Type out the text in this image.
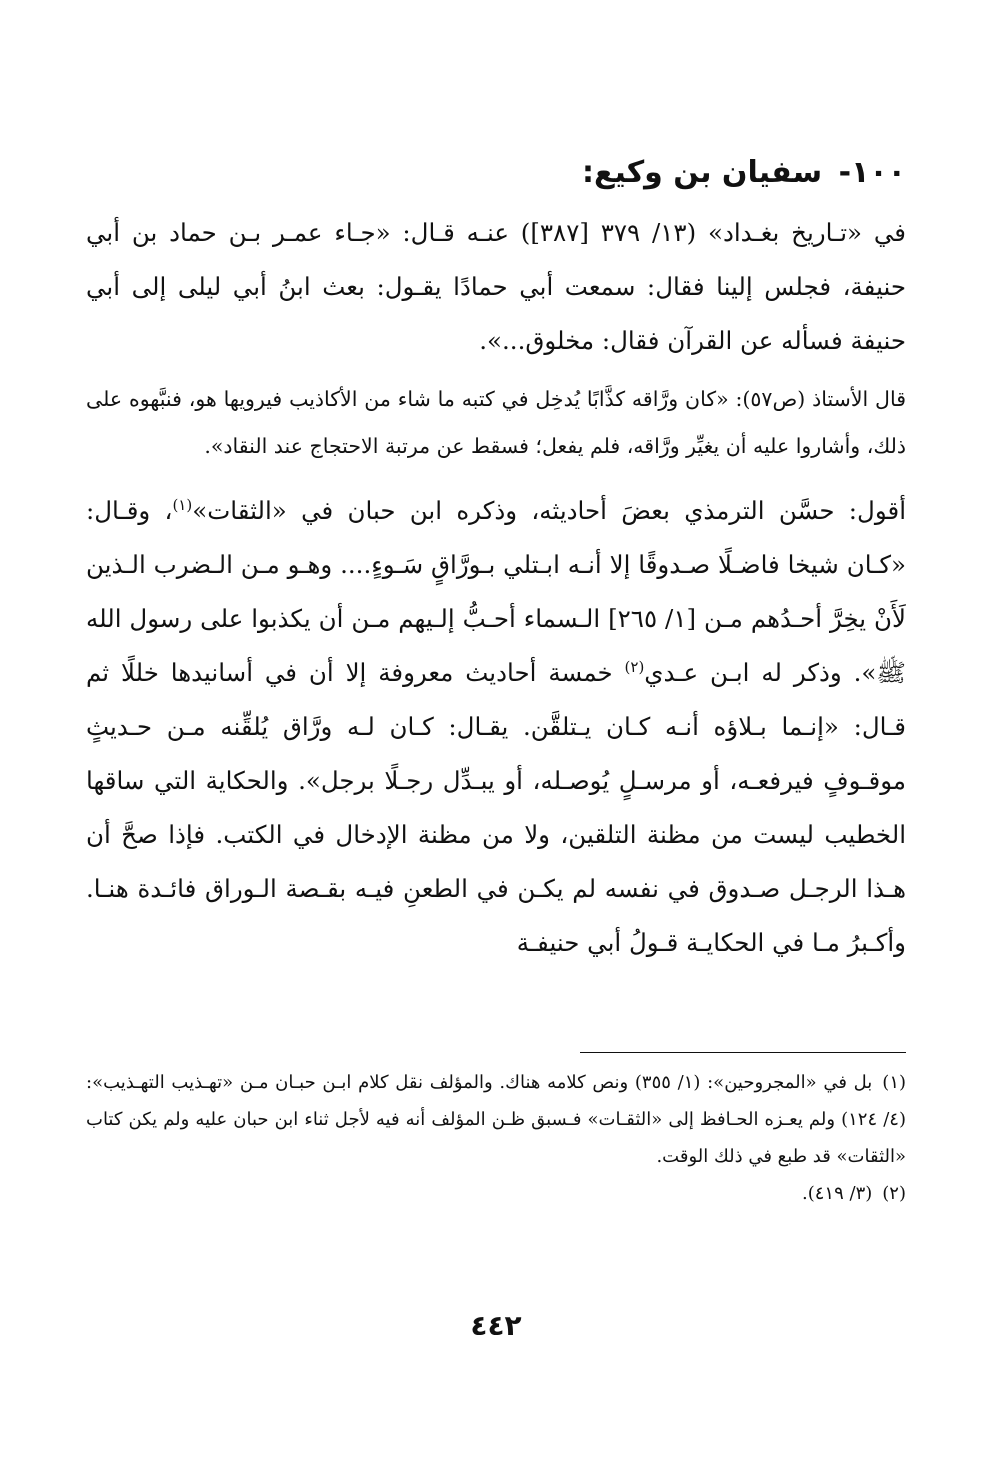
١٠٠- سفيان بن وكيع:

في «تـاريخ بغـداد» (١٣/ ٣٧٩ [٣٨٧]) عنـه قـال: «جـاء عمـر بـن حماد بن أبي حنيفة، فجلس إلينا فقال: سمعت أبي حمادًا يقـول: بعث ابنُ أبي ليلى إلى أبي حنيفة فسأله عن القرآن فقال: مخلوق...».

قال الأستاذ (ص٥٧): «كان ورَّاقه كذَّابًا يُدخِل في كتبه ما شاء من الأكاذيب فيرويها هو، فنبَّهوه على ذلك، وأشاروا عليه أن يغيِّر ورَّاقه، فلم يفعل؛ فسقط عن مرتبة الاحتجاج عند النقاد».

أقول: حسَّن الترمذي بعضَ أحاديثه، وذكره ابن حبان في «الثقات»$^{(١)}$، وقـال: «كـان شيخا فاضـلًا صـدوقًا إلا أنـه ابـتلي بـورَّاقٍ سَـوءٍ.... وهـو مـن الـضرب الـذين لَأَنْ يخِرَّ أحـدُهم مـن [١/ ٢٦٥] الـسماء أحـبُّ إلـيهم مـن أن يكذبوا على رسول الله ﷺ». وذكر له ابـن عـدي$^{(٢)}$ خمسة أحاديث معروفة إلا أن في أسانيدها خللًا ثم قـال: «إنـما بـلاؤه أنـه كـان يـتلقَّن. يقـال: كـان لـه ورَّاق يُلقِّنه مـن حـديثٍ موقـوفٍ فيرفعـه، أو مرسـلٍ يُوصـله، أو يبـدِّل رجـلًا برجل». والحكاية التي ساقها الخطيب ليست من مظنة التلقين، ولا من مظنة الإدخال في الكتب. فإذا صحَّ أن هـذا الرجـل صـدوق في نفسه لم يكـن في الطعنِ فيـه بقـصة الـوراق فائـدة هنـا. وأكـبرُ مـا في الحكايـة قـولُ أبي حنيفـة

(١)بل في «المجروحين»: (١/ ٣٥٥) ونص كلامه هناك. والمؤلف نقل كلام ابـن حبـان مـن «تهـذيب التهـذيب»: (٤/ ١٢٤) ولم يعـزه الحـافظ إلى «الثقـات» فـسبق ظـن المؤلف أنه فيه لأجل ثناء ابن حبان عليه ولم يكن كتاب «الثقات» قد طبع في ذلك الوقت.

(٢)(٣/ ٤١٩).

٤٤٢
